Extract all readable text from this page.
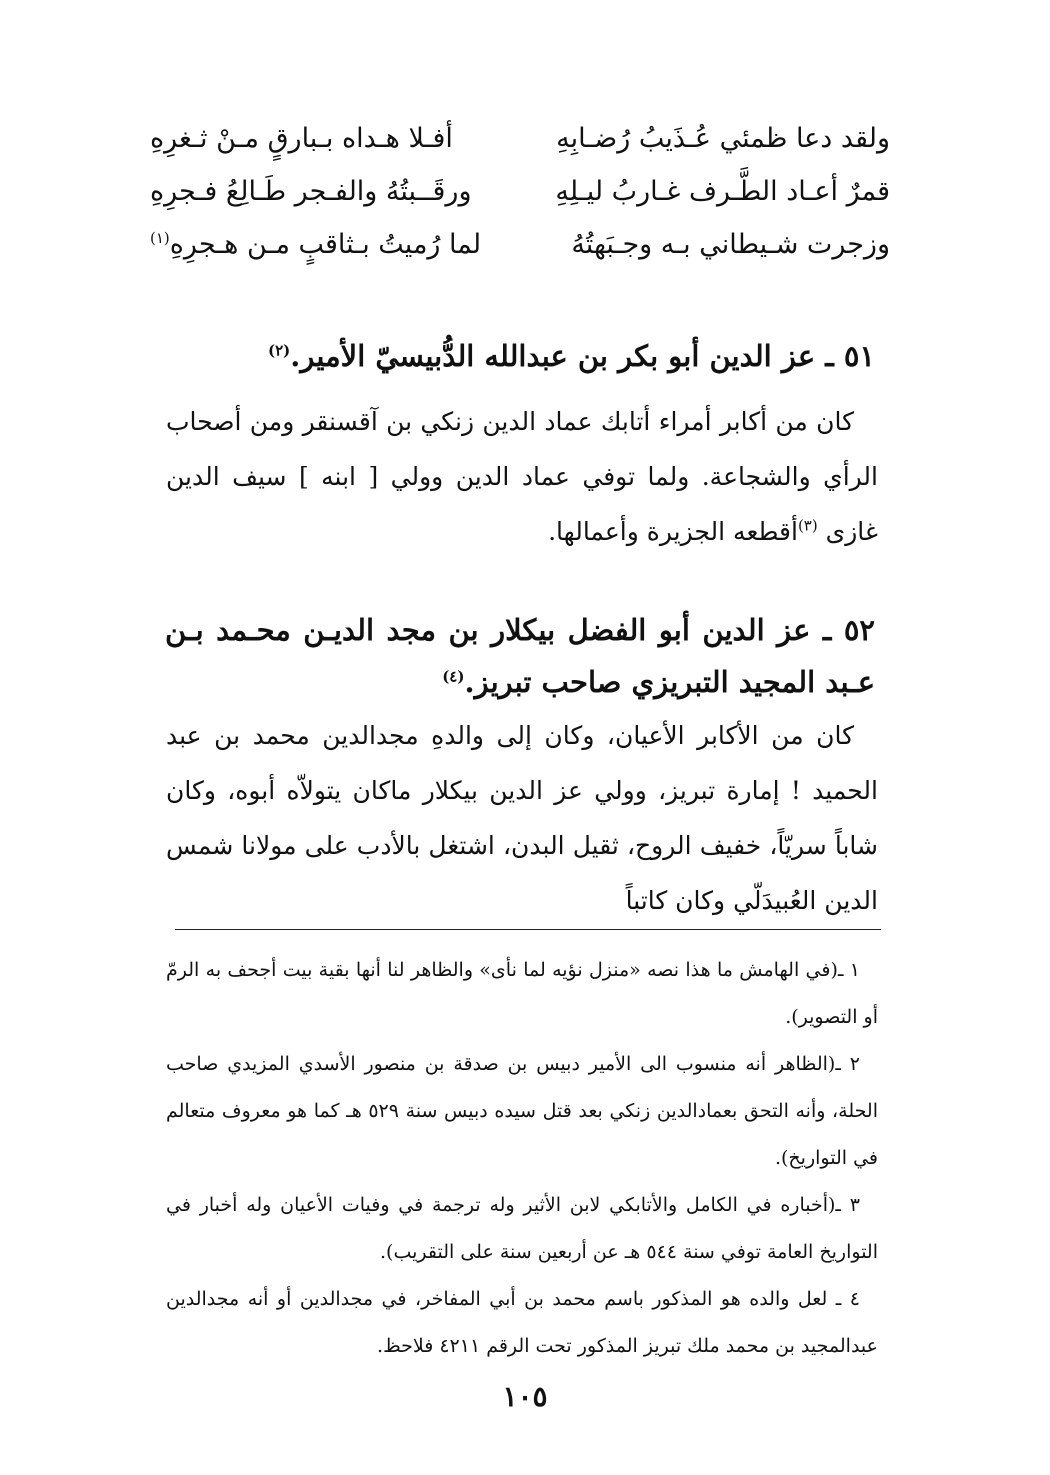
ولقد دعا ظمئي عُـذَيبُ رُضـابِهِ
أفـلا هـداه بـبارقٍ مـنْ ثـغرِهِ
قمرٌ أعـاد الطَّـرف غـاربُ ليـلِهِ
ورقَــبتُهُ والفـجر طَـالِعُ فـجرِهِ
وزجرت شـيطاني بـه وجـبَهتُهُ
لما رُميتُ بـثاقبٍ مـن هـجرِهِ$^{(١)}$
٥١ ـ عز الدين أبو بكر بن عبدالله الدُّبيسيّ الأمير.$^{(٢)}$
كان من أكابر أمراء أتابك عماد الدين زنكي بن آقسنقر ومن أصحاب الرأي والشجاعة. ولما توفي عماد الدين وولي [ ابنه ] سيف الدين غازى $^{(٣)}$أقطعه الجزيرة وأعمالها.
٥٢ ـ عز الدين أبو الفضل بيكلار بن مجد الديـن محـمد بـن عـبد المجيد التبريزي صاحب تبريز.$^{(٤)}$
كان من الأكابر الأعيان، وكان إلى والدهِ مجدالدين محمد بن عبد الحميد ! إمارة تبريز، وولي عز الدين بيكلار ماكان يتولاّه أبوه، وكان شاباً سريّاً، خفيف الروح، ثقيل البدن، اشتغل بالأدب على مولانا شمس الدين العُبيدَلّي وكان كاتباً

١ ـ(في الهامش ما هذا نصه «منزل نؤيه لما نأى» والظاهر لنا أنها بقية بيت أجحف به الرمّ أو التصوير).

٢ ـ(الظاهر أنه منسوب الى الأمير دبيس بن صدقة بن منصور الأسدي المزيدي صاحب الحلة، وأنه التحق بعمادالدين زنكي بعد قتل سيده دبيس سنة ٥٢٩ هـ كما هو معروف متعالم في التواريخ).

٣ ـ(أخباره في الكامل والأتابكي لابن الأثير وله ترجمة في وفيات الأعيان وله أخبار في التواريخ العامة توفي سنة ٥٤٤ هـ عن أربعين سنة على التقريب).

٤ ـ لعل والده هو المذكور باسم محمد بن أبي المفاخر، في مجدالدين أو أنه مجدالدين عبدالمجيد بن محمد ملك تبريز المذكور تحت الرقم ٤٢١١ فلاحظ.

١٠٥
